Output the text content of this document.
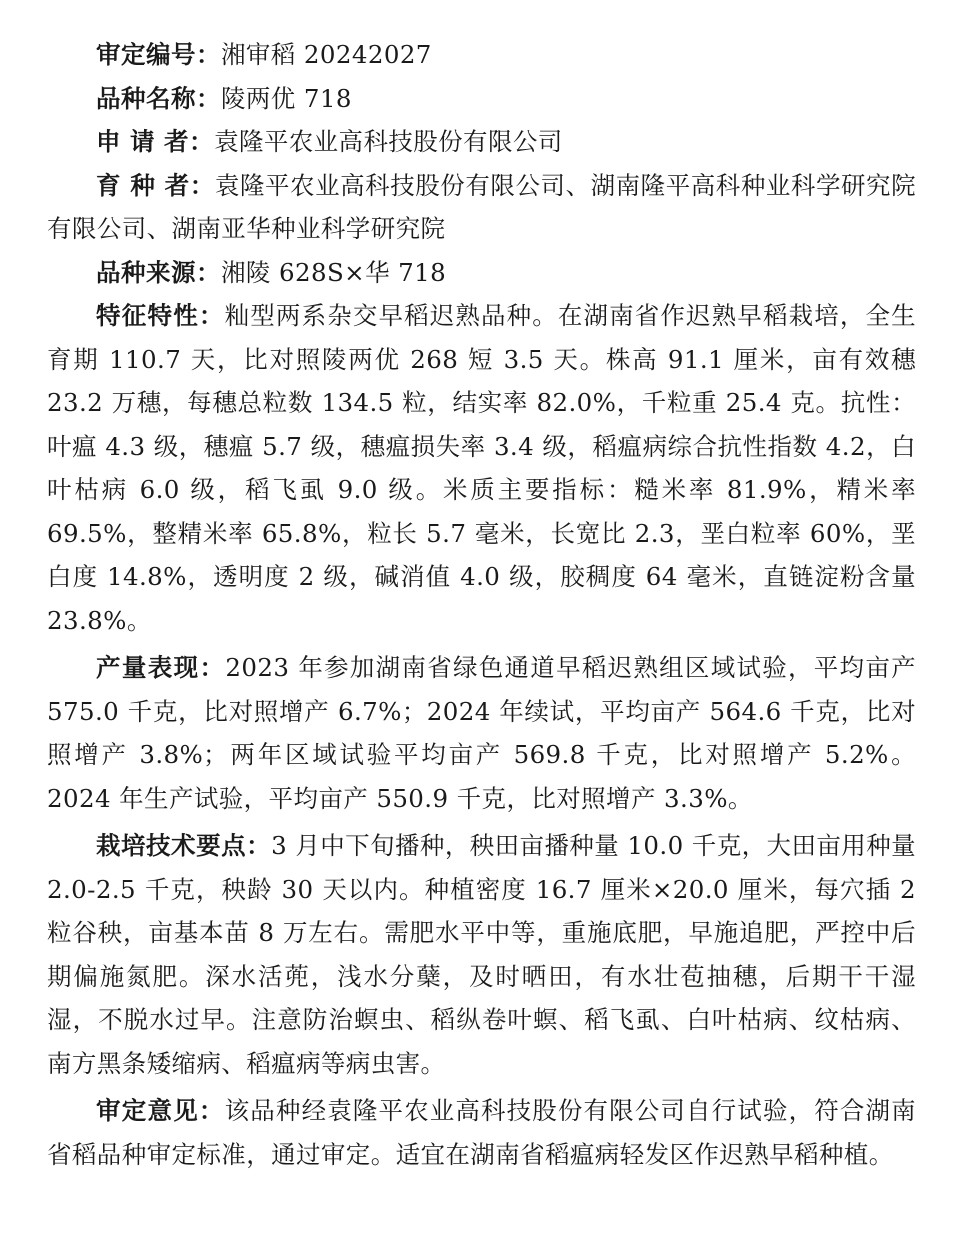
审定编号：湘审稻 20242027

品种名称：陵两优 718

申 请 者：袁隆平农业高科技股份有限公司

育 种 者：袁隆平农业高科技股份有限公司、湖南隆平高科种业科学研究院有限公司、湖南亚华种业科学研究院

品种来源：湘陵 628S×华 718

特征特性：籼型两系杂交早稻迟熟品种。在湖南省作迟熟早稻栽培，全生育期 110.7 天，比对照陵两优 268 短 3.5 天。株高 91.1 厘米，亩有效穗 23.2 万穗，每穗总粒数 134.5 粒，结实率 82.0%，千粒重 25.4 克。抗性：叶瘟 4.3 级，穗瘟 5.7 级，穗瘟损失率 3.4 级，稻瘟病综合抗性指数 4.2，白叶枯病 6.0 级，稻飞虱 9.0 级。米质主要指标：糙米率 81.9%，精米率 69.5%，整精米率 65.8%，粒长 5.7 毫米，长宽比 2.3，垩白粒率 60%，垩白度 14.8%，透明度 2 级，碱消值 4.0 级，胶稠度 64 毫米，直链淀粉含量 23.8%。

产量表现：2023 年参加湖南省绿色通道早稻迟熟组区域试验，平均亩产 575.0 千克，比对照增产 6.7%；2024 年续试，平均亩产 564.6 千克，比对照增产 3.8%；两年区域试验平均亩产 569.8 千克，比对照增产 5.2%。2024 年生产试验，平均亩产 550.9 千克，比对照增产 3.3%。

栽培技术要点：3 月中下旬播种，秧田亩播种量 10.0 千克，大田亩用种量 2.0-2.5 千克，秧龄 30 天以内。种植密度 16.7 厘米×20.0 厘米，每穴插 2 粒谷秧，亩基本苗 8 万左右。需肥水平中等，重施底肥，早施追肥，严控中后期偏施氮肥。深水活蔸，浅水分蘖，及时晒田，有水壮苞抽穗，后期干干湿湿，不脱水过早。注意防治螟虫、稻纵卷叶螟、稻飞虱、白叶枯病、纹枯病、南方黑条矮缩病、稻瘟病等病虫害。

审定意见：该品种经袁隆平农业高科技股份有限公司自行试验，符合湖南省稻品种审定标准，通过审定。适宜在湖南省稻瘟病轻发区作迟熟早稻种植。
